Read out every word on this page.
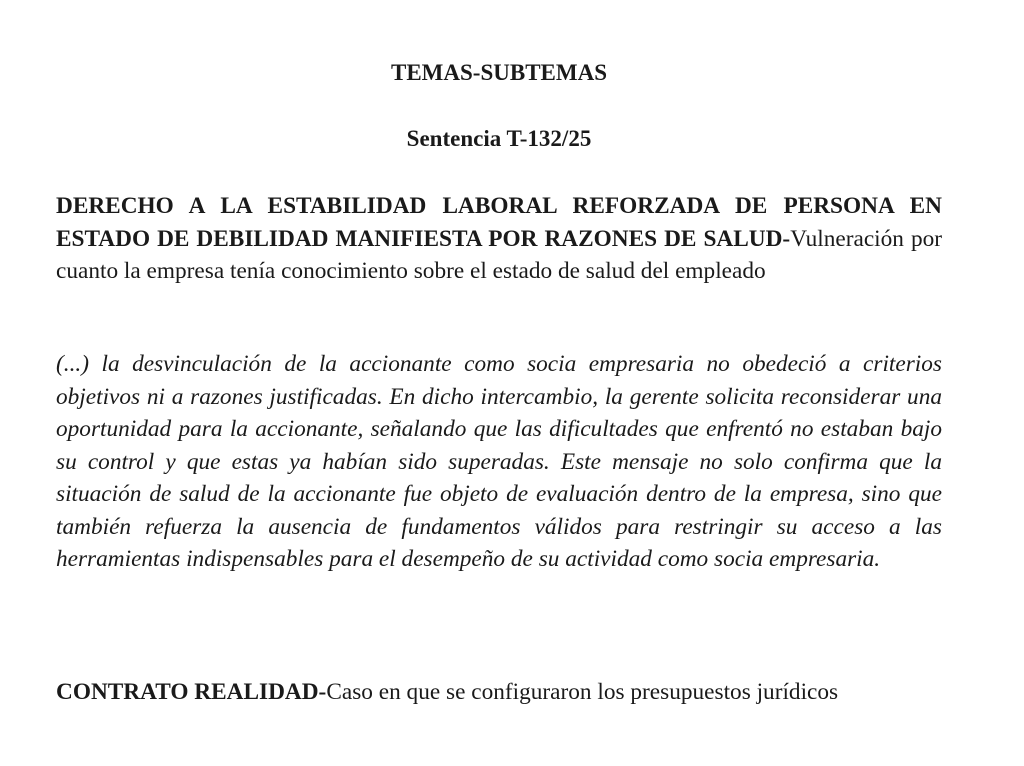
TEMAS-SUBTEMAS

Sentencia T-132/25

DERECHO A LA ESTABILIDAD LABORAL REFORZADA DE PERSONA EN ESTADO DE DEBILIDAD MANIFIESTA POR RAZONES DE SALUD-Vulneración por cuanto la empresa tenía conocimiento sobre el estado de salud del empleado

(...) la desvinculación de la accionante como socia empresaria no obedeció a criterios objetivos ni a razones justificadas. En dicho intercambio, la gerente solicita reconsiderar una oportunidad para la accionante, señalando que las dificultades que enfrentó no estaban bajo su control y que estas ya habían sido superadas. Este mensaje no solo confirma que la situación de salud de la accionante fue objeto de evaluación dentro de la empresa, sino que también refuerza la ausencia de fundamentos válidos para restringir su acceso a las herramientas indispensables para el desempeño de su actividad como socia empresaria.

CONTRATO REALIDAD-Caso en que se configuraron los presupuestos jurídicos
